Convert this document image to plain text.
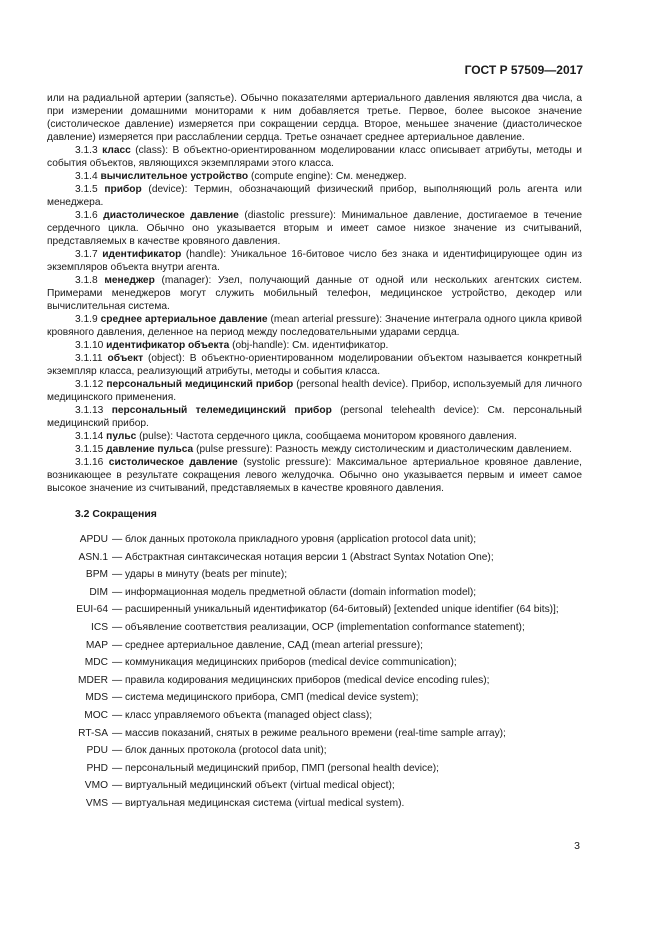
ГОСТ Р 57509—2017

или на радиальной артерии (запястье). Обычно показателями артериального давления являются два числа, а при измерении домашними мониторами к ним добавляется третье. Первое, более высокое значение (систолическое давление) измеряется при сокращении сердца. Второе, меньшее значение (диастолическое давление) измеряется при расслаблении сердца. Третье означает среднее артериальное давление.

3.1.3 класс (class): В объектно-ориентированном моделировании класс описывает атрибуты, методы и события объектов, являющихся экземплярами этого класса.

3.1.4 вычислительное устройство (compute engine): См. менеджер.

3.1.5 прибор (device): Термин, обозначающий физический прибор, выполняющий роль агента или менеджера.

3.1.6 диастолическое давление (diastolic pressure): Минимальное давление, достигаемое в течение сердечного цикла. Обычно оно указывается вторым и имеет самое низкое значение из считываний, представляемых в качестве кровяного давления.

3.1.7 идентификатор (handle): Уникальное 16-битовое число без знака и идентифицирующее один из экземпляров объекта внутри агента.

3.1.8 менеджер (manager): Узел, получающий данные от одной или нескольких агентских систем. Примерами менеджеров могут служить мобильный телефон, медицинское устройство, декодер или вычислительная система.

3.1.9 среднее артериальное давление (mean arterial pressure): Значение интеграла одного цикла кривой кровяного давления, деленное на период между последовательными ударами сердца.

3.1.10 идентификатор объекта (obj-handle): См. идентификатор.

3.1.11 объект (object): В объектно-ориентированном моделировании объектом называется конкретный экземпляр класса, реализующий атрибуты, методы и события класса.

3.1.12 персональный медицинский прибор (personal health device). Прибор, используемый для личного медицинского применения.

3.1.13 персональный телемедицинский прибор (personal telehealth device): См. персональный медицинский прибор.

3.1.14 пульс (pulse): Частота сердечного цикла, сообщаема монитором кровяного давления.

3.1.15 давление пульса (pulse pressure): Разность между систолическим и диастолическим давлением.

3.1.16 систолическое давление (systolic pressure): Максимальное артериальное кровяное давление, возникающее в результате сокращения левого желудочка. Обычно оно указывается первым и имеет самое высокое значение из считываний, представляемых в качестве кровяного давления.

3.2 Сокращения
APDU — блок данных протокола прикладного уровня (application protocol data unit);
ASN.1 — Абстрактная синтаксическая нотация версии 1 (Abstract Syntax Notation One);
BPM — удары в минуту (beats per minute);
DIM — информационная модель предметной области (domain information model);
EUI-64 — расширенный уникальный идентификатор (64-битовый) [extended unique identifier (64 bits)];
ICS — объявление соответствия реализации, ОСР (implementation conformance statement);
MAP — среднее артериальное давление, САД (mean arterial pressure);
MDC — коммуникация медицинских приборов (medical device communication);
MDER — правила кодирования медицинских приборов (medical device encoding rules);
MDS — система медицинского прибора, СМП (medical device system);
MOC — класс управляемого объекта (managed object class);
RT-SA — массив показаний, снятых в режиме реального времени (real-time sample array);
PDU — блок данных протокола (protocol data unit);
PHD — персональный медицинский прибор, ПМП (personal health device);
VMO — виртуальный медицинский объект (virtual medical object);
VMS — виртуальная медицинская система (virtual medical system).
3
